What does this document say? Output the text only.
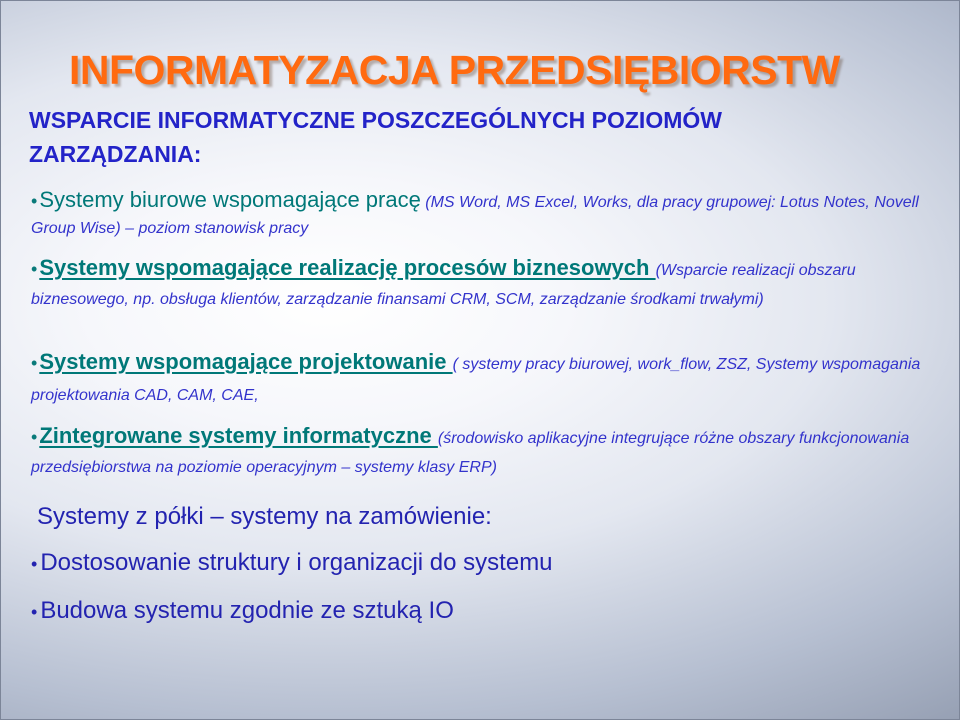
INFORMATYZACJA PRZEDSIĘBIORSTW
WSPARCIE INFORMATYCZNE POSZCZEGÓLNYCH POZIOMÓW ZARZĄDZANIA:

•Systemy biurowe wspomagające pracę (MS Word, MS Excel, Works, dla pracy grupowej: Lotus Notes, Novell Group Wise) – poziom stanowisk pracy

•Systemy wspomagające realizację procesów biznesowych (Wsparcie realizacji obszaru biznesowego, np. obsługa klientów, zarządzanie finansami CRM, SCM, zarządzanie środkami trwałymi)

•Systemy wspomagające projektowanie ( systemy pracy biurowej, work_flow, ZSZ, Systemy wspomagania projektowania CAD, CAM, CAE,

•Zintegrowane systemy informatyczne (środowisko aplikacyjne integrujące różne obszary funkcjonowania przedsiębiorstwa na poziomie operacyjnym – systemy klasy ERP)

Systemy z półki – systemy na zamówienie:

• Dostosowanie struktury i organizacji do systemu

• Budowa systemu zgodnie ze sztuką IO
